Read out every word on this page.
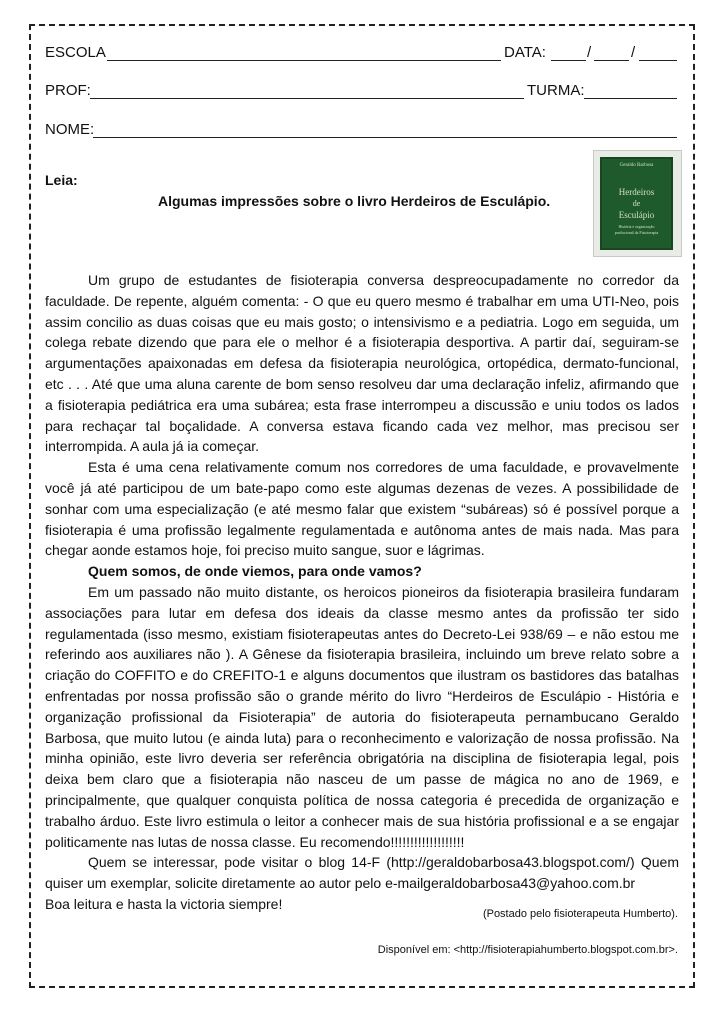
ESCOLA	DATA:	/	/
PROF:	TURMA:
NOME:
Leia:
Algumas impressões sobre o livro Herdeiros de Esculápio.
Geraldo Barbosa
Herdeiros
de
Esculápio
História e organização
profissional da Fisioterapia

Um grupo de estudantes de fisioterapia conversa despreocupadamente no corredor da faculdade. De repente, alguém comenta: - O que eu quero mesmo é trabalhar em uma UTI-Neo, pois assim concilio as duas coisas que eu mais gosto; o intensivismo e a pediatria. Logo em seguida, um colega rebate dizendo que para ele o melhor é a fisioterapia desportiva. A partir daí, seguiram-se argumentações apaixonadas em defesa da fisioterapia neurológica, ortopédica, dermato-funcional, etc . . . Até que uma aluna carente de bom senso resolveu dar uma declaração infeliz, afirmando que a fisioterapia pediátrica era uma subárea; esta frase interrompeu a discussão e uniu todos os lados para rechaçar tal boçalidade. A conversa estava ficando cada vez melhor, mas precisou ser interrompida. A aula já ia começar.

Esta é uma cena relativamente comum nos corredores de uma faculdade, e provavelmente você já até participou de um bate-papo como este algumas dezenas de vezes. A possibilidade de sonhar com uma especialização (e até mesmo falar que existem “subáreas) só é possível porque a fisioterapia é uma profissão legalmente regulamentada e autônoma antes de mais nada. Mas para chegar aonde estamos hoje, foi preciso muito sangue, suor e lágrimas.

Quem somos, de onde viemos, para onde vamos?

Em um passado não muito distante, os heroicos pioneiros da fisioterapia brasileira fundaram associações para lutar em defesa dos ideais da classe mesmo antes da profissão ter sido regulamentada (isso mesmo, existiam fisioterapeutas antes do Decreto-Lei 938/69 – e não estou me referindo aos auxiliares não ). A Gênese da fisioterapia brasileira, incluindo um breve relato sobre a criação do COFFITO e do CREFITO-1 e alguns documentos que ilustram os bastidores das batalhas enfrentadas por nossa profissão são o grande mérito do livro “Herdeiros de Esculápio - História e organização profissional da Fisioterapia” de autoria do fisioterapeuta pernambucano Geraldo Barbosa, que muito lutou (e ainda luta) para o reconhecimento e valorização de nossa profissão. Na minha opinião, este livro deveria ser referência obrigatória na disciplina de fisioterapia legal, pois deixa bem claro que a fisioterapia não nasceu de um passe de mágica no ano de 1969, e principalmente, que qualquer conquista política de nossa categoria é precedida de organização e trabalho árduo. Este livro estimula o leitor a conhecer mais de sua história profissional e a se engajar politicamente nas lutas de nossa classe. Eu recomendo!!!!!!!!!!!!!!!!!!!

Quem se interessar, pode visitar o blog 14-F (http://geraldobarbosa43.blogspot.com/) Quem quiser um exemplar, solicite diretamente ao autor pelo e-mailgeraldobarbosa43@yahoo.com.br

Boa leitura e hasta la victoria siempre!

(Postado pelo fisioterapeuta Humberto).
Disponível em: <http://fisioterapiahumberto.blogspot.com.br>.
